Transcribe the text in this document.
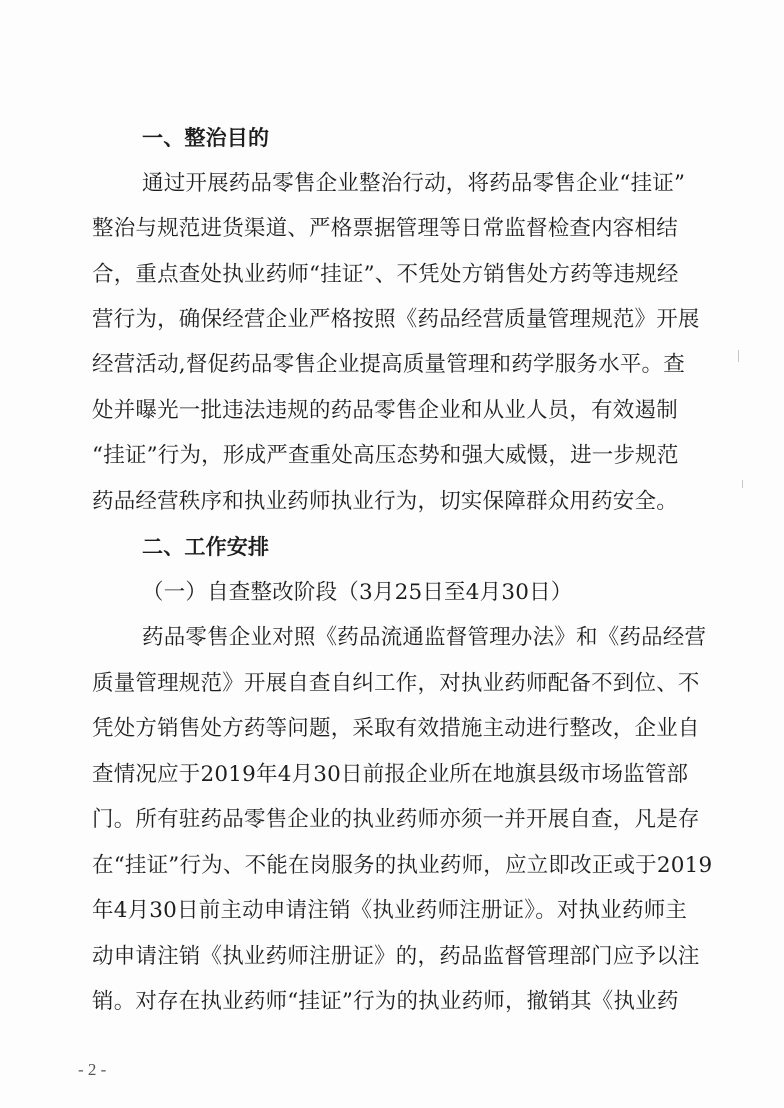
一、整治目的
通过开展药品零售企业整治行动，将药品零售企业“挂证”
整治与规范进货渠道、严格票据管理等日常监督检查内容相结
合，重点查处执业药师“挂证”、不凭处方销售处方药等违规经
营行为，确保经营企业严格按照《药品经营质量管理规范》开展
经营活动,督促药品零售企业提高质量管理和药学服务水平。查
处并曝光一批违法违规的药品零售企业和从业人员，有效遏制
“挂证”行为，形成严查重处高压态势和强大威慑，进一步规范
药品经营秩序和执业药师执业行为，切实保障群众用药安全。
二、工作安排
（一）自查整改阶段（3月25日至4月30日）
药品零售企业对照《药品流通监督管理办法》和《药品经营
质量管理规范》开展自查自纠工作，对执业药师配备不到位、不
凭处方销售处方药等问题，采取有效措施主动进行整改，企业自
查情况应于2019年4月30日前报企业所在地旗县级市场监管部
门。所有驻药品零售企业的执业药师亦须一并开展自查，凡是存
在“挂证”行为、不能在岗服务的执业药师，应立即改正或于2019
年4月30日前主动申请注销《执业药师注册证》。对执业药师主
动申请注销《执业药师注册证》的，药品监督管理部门应予以注
销。对存在执业药师“挂证”行为的执业药师，撤销其《执业药
- 2 -
